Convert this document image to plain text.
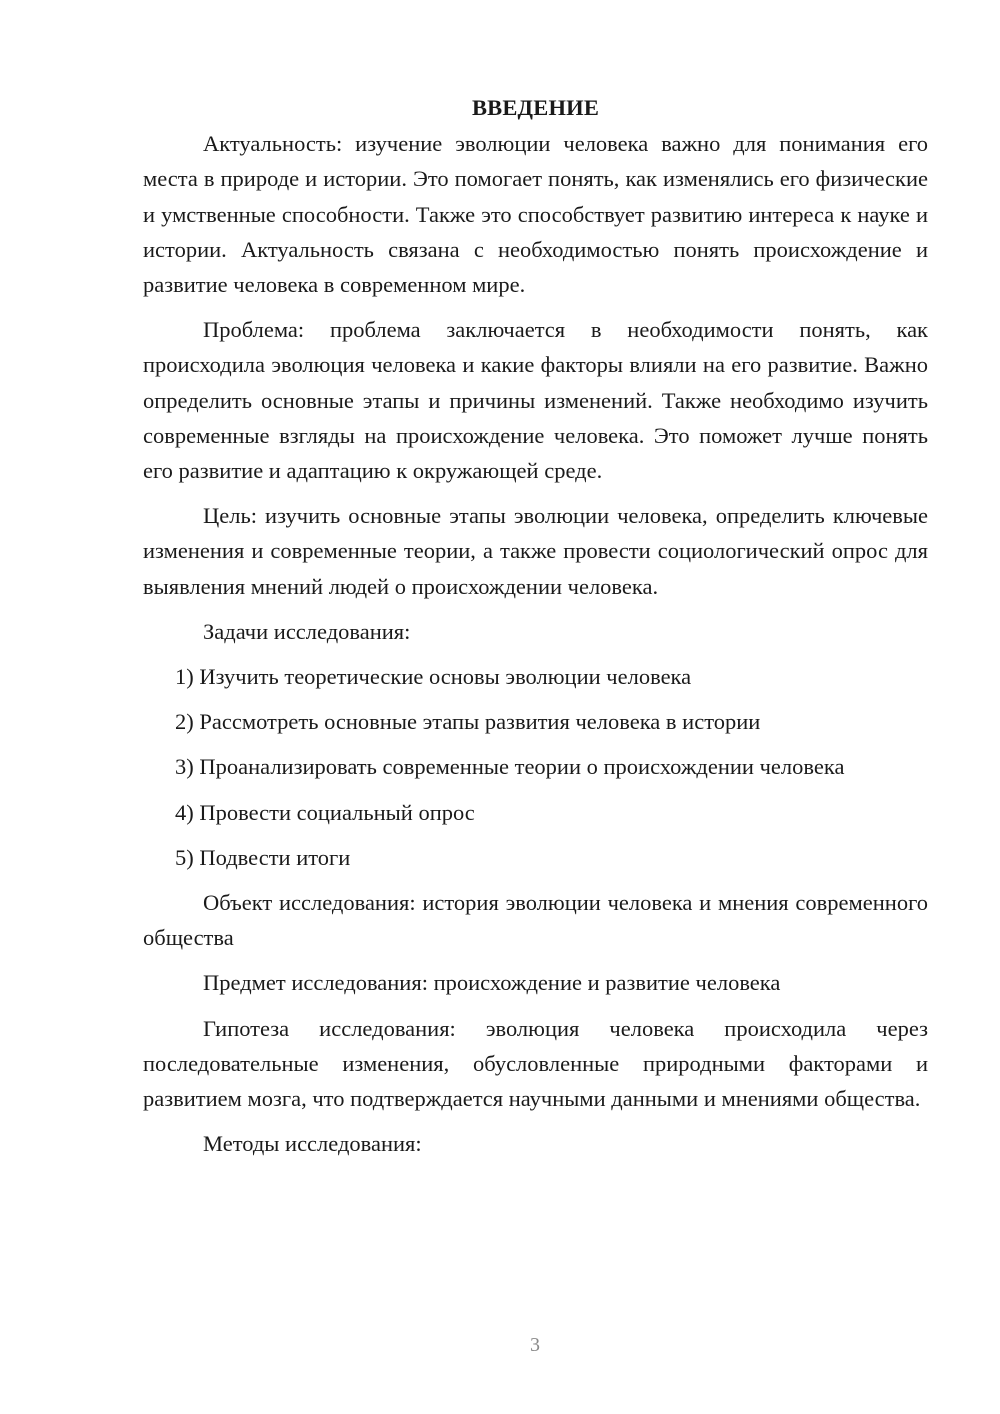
ВВЕДЕНИЕ

Актуальность: изучение эволюции человека важно для понимания его места в природе и истории. Это помогает понять, как изменялись его физические и умственные способности. Также это способствует развитию интереса к науке и истории. Актуальность связана с необходимостью понять происхождение и развитие человека в современном мире.

Проблема: проблема заключается в необходимости понять, как происходила эволюция человека и какие факторы влияли на его развитие. Важно определить основные этапы и причины изменений. Также необходимо изучить современные взгляды на происхождение человека. Это поможет лучше понять его развитие и адаптацию к окружающей среде.

Цель: изучить основные этапы эволюции человека, определить ключевые изменения и современные теории, а также провести социологический опрос для выявления мнений людей о происхождении человека.

Задачи исследования:

1) Изучить теоретические основы эволюции человека

2) Рассмотреть основные этапы развития человека в истории

3) Проанализировать современные теории о происхождении человека

4) Провести социальный опрос

5) Подвести итоги

Объект исследования: история эволюции человека и мнения современного общества

Предмет исследования: происхождение и развитие человека

Гипотеза исследования: эволюция человека происходила через последовательные изменения, обусловленные природными факторами и развитием мозга, что подтверждается научными данными и мнениями общества.

Методы исследования:

3
